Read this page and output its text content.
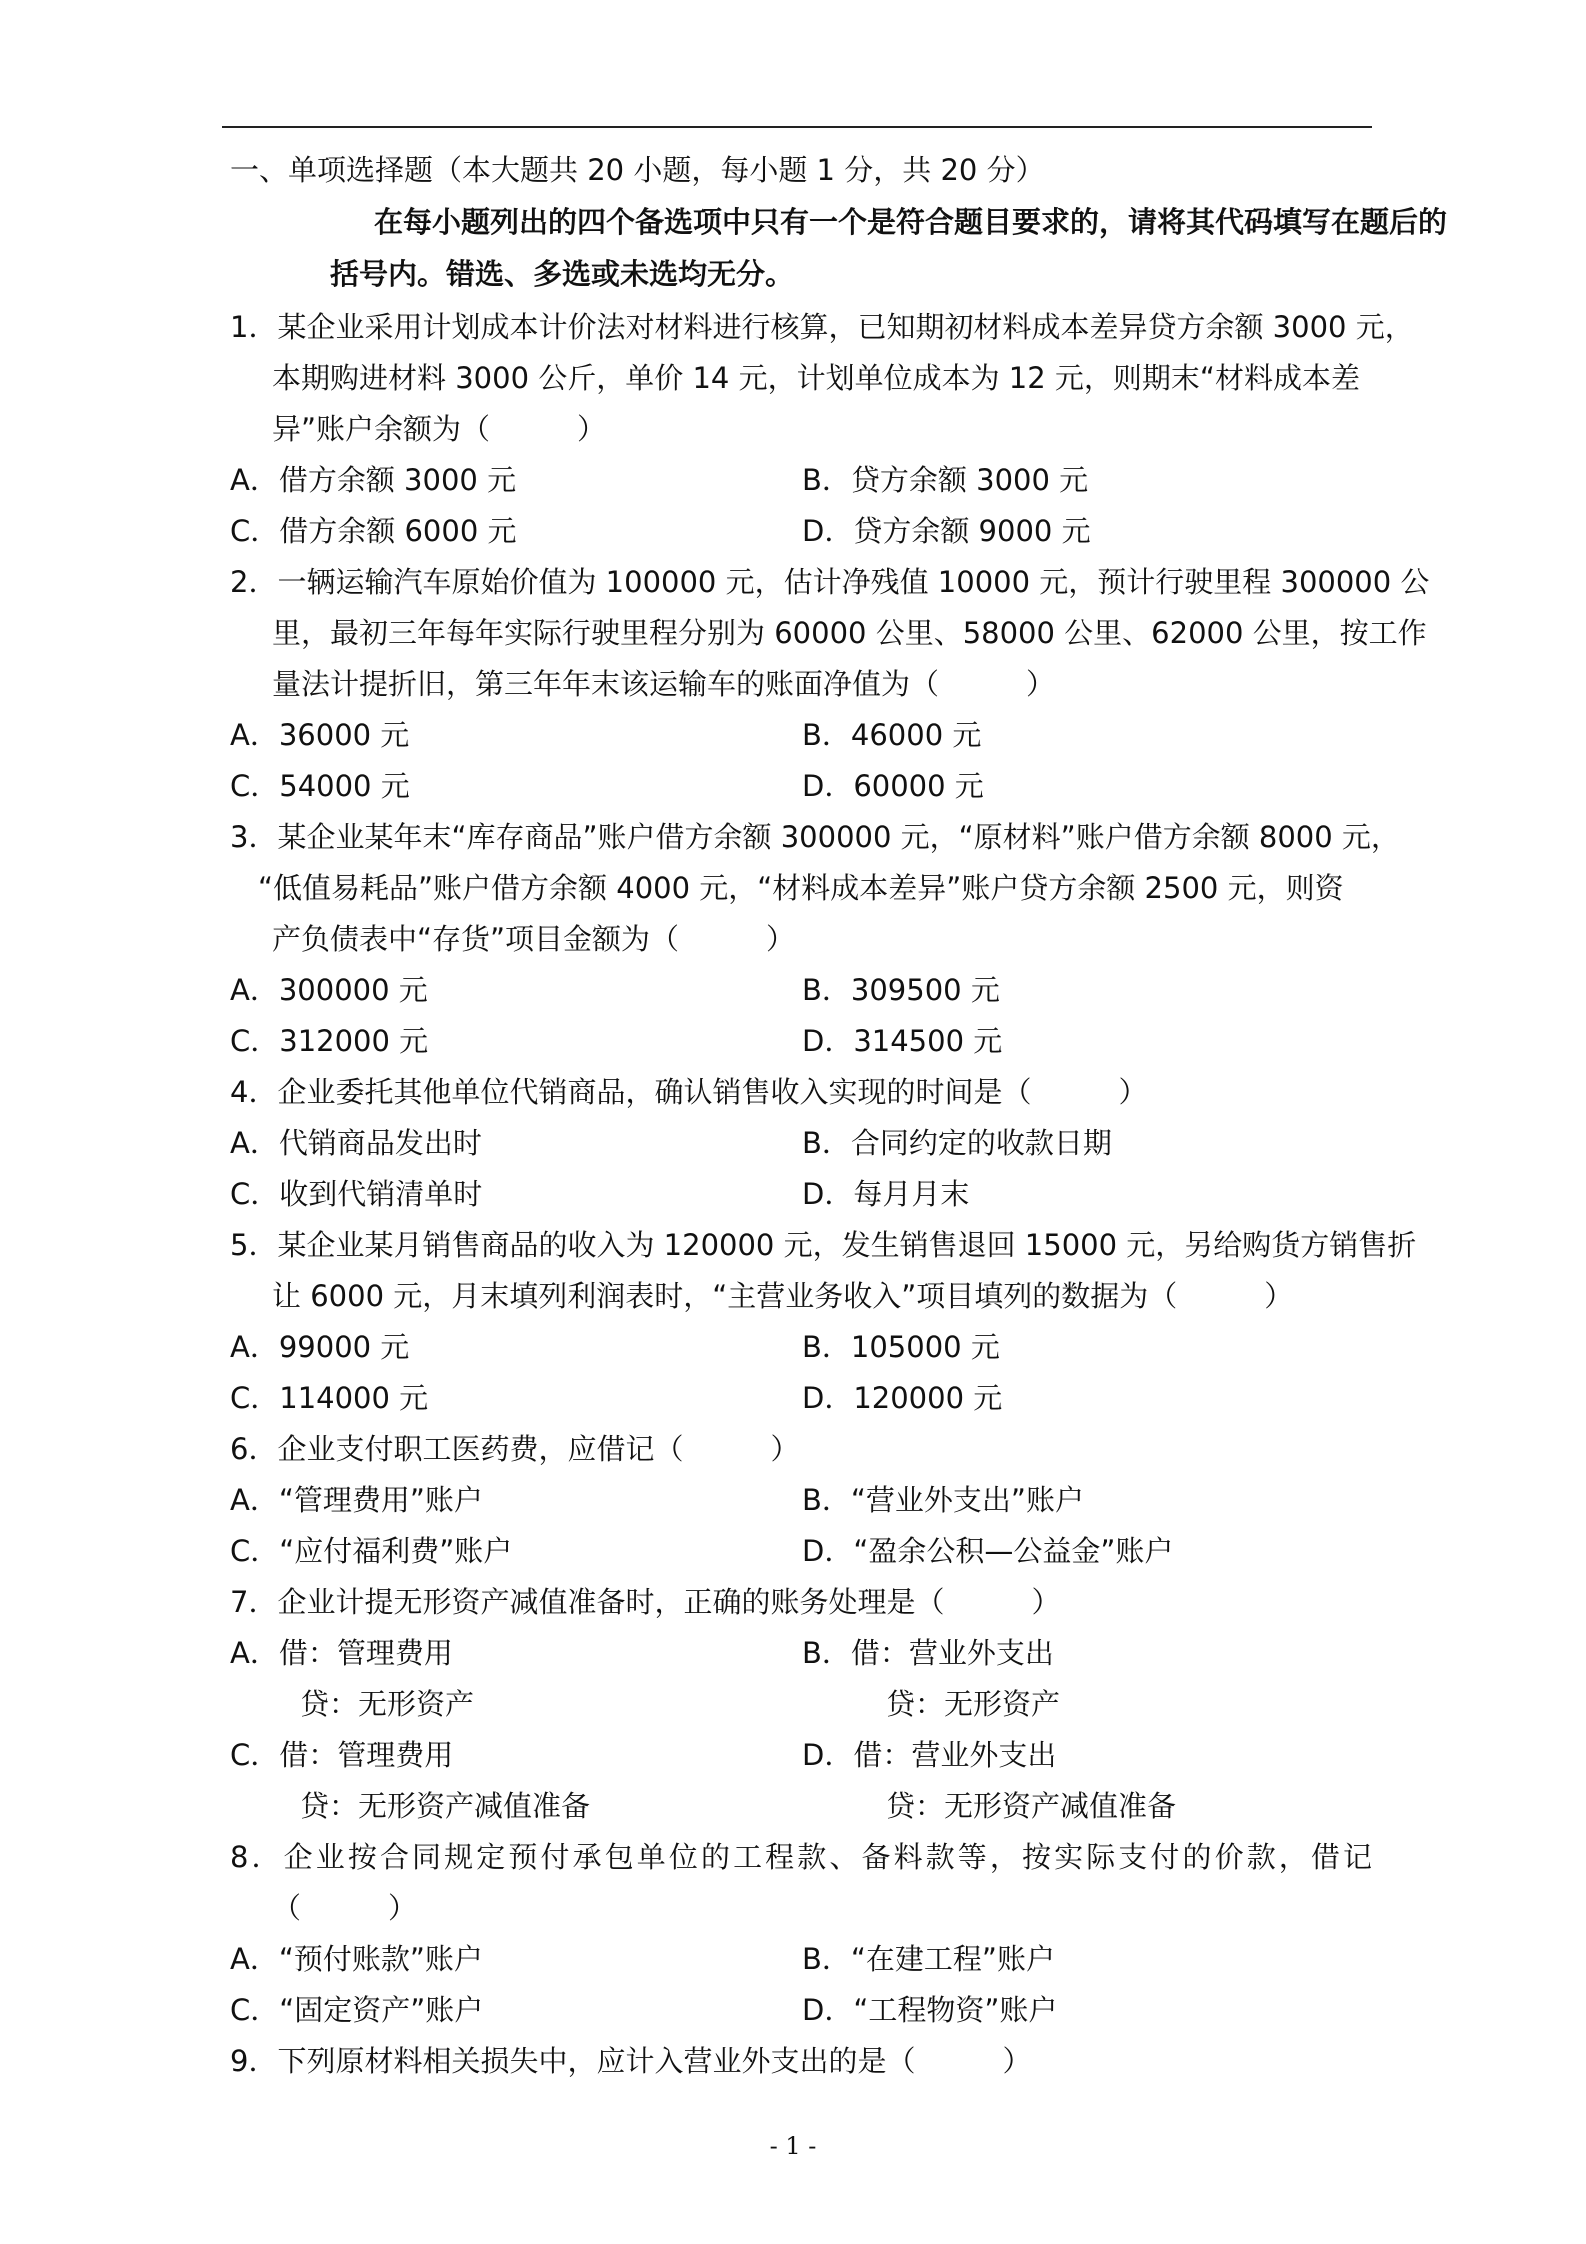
一、单项选择题（本大题共 20 小题，每小题 1 分，共 20 分）
在每小题列出的四个备选项中只有一个是符合题目要求的，请将其代码填写在题后的
括号内。错选、多选或未选均无分。
1．某企业采用计划成本计价法对材料进行核算，已知期初材料成本差异贷方余额 3000 元，
本期购进材料 3000 公斤，单价 14 元，计划单位成本为 12 元，则期末“材料成本差
异”账户余额为（　　　）
A．借方余额 3000 元	B．贷方余额 3000 元
C．借方余额 6000 元	D．贷方余额 9000 元
2．一辆运输汽车原始价值为 100000 元，估计净残值 10000 元，预计行驶里程 300000 公
里，最初三年每年实际行驶里程分别为 60000 公里、58000 公里、62000 公里，按工作
量法计提折旧，第三年年末该运输车的账面净值为（　　　）
A．36000 元	B．46000 元
C．54000 元	D．60000 元
3．某企业某年末“库存商品”账户借方余额 300000 元，“原材料”账户借方余额 8000 元，
“低值易耗品”账户借方余额 4000 元，“材料成本差异”账户贷方余额 2500 元，则资
产负债表中“存货”项目金额为（　　　）
A．300000 元	B．309500 元
C．312000 元	D．314500 元
4．企业委托其他单位代销商品，确认销售收入实现的时间是（　　　）
A．代销商品发出时	B．合同约定的收款日期
C．收到代销清单时	D．每月月末
5．某企业某月销售商品的收入为 120000 元，发生销售退回 15000 元，另给购货方销售折
让 6000 元，月末填列利润表时，“主营业务收入”项目填列的数据为（　　　）
A．99000 元	B．105000 元
C．114000 元	D．120000 元
6．企业支付职工医药费，应借记（　　　）
A．“管理费用”账户	B．“营业外支出”账户
C．“应付福利费”账户	D．“盈余公积—公益金”账户
7．企业计提无形资产减值准备时，正确的账务处理是（　　　）
A．借：管理费用	B．借：营业外支出
贷：无形资产	贷：无形资产
C．借：管理费用	D．借：营业外支出
贷：无形资产减值准备	贷：无形资产减值准备
8．企业按合同规定预付承包单位的工程款、备料款等，按实际支付的价款，借记
（　　　）
A．“预付账款”账户	B．“在建工程”账户
C．“固定资产”账户	D．“工程物资”账户
9．下列原材料相关损失中，应计入营业外支出的是（　　　）
- 1 -
